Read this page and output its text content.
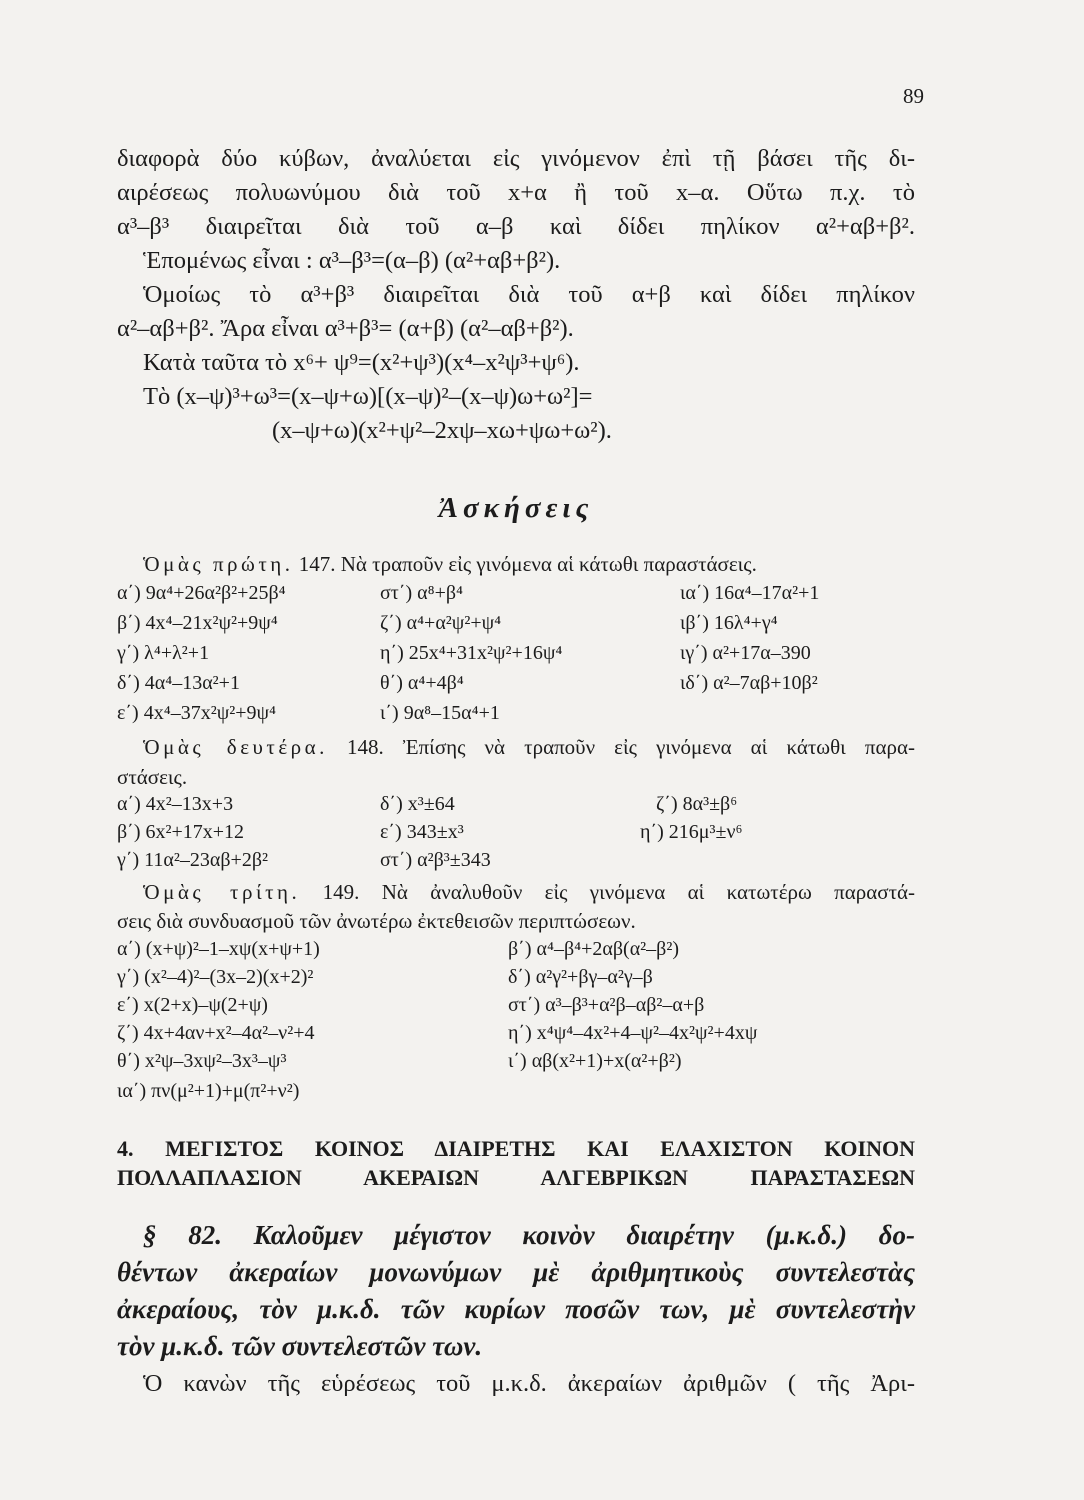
89
διαφορὰ δύο κύβων, ἀναλύεται εἰς γινόμενον ἐπὶ τῇ βάσει τῆς δι-
αιρέσεως πολυωνύμου διὰ τοῦ x+α ἢ τοῦ x–α. Οὕτω π.χ. τὸ
α³–β³ διαιρεῖται διὰ τοῦ α–β καὶ δίδει πηλίκον α²+αβ+β².
Ἑπομένως εἶναι : α³–β³=(α–β) (α²+αβ+β²).
Ὁμοίως τὸ α³+β³ διαιρεῖται διὰ τοῦ α+β καὶ δίδει πηλίκον
α²–αβ+β². Ἄρα εἶναι α³+β³= (α+β) (α²–αβ+β²).
Κατὰ ταῦτα τὸ x⁶+ ψ⁹=(x²+ψ³)(x⁴–x²ψ³+ψ⁶).
Τὸ (x–ψ)³+ω³=(x–ψ+ω)[(x–ψ)²–(x–ψ)ω+ω²]=
(x–ψ+ω)(x²+ψ²–2xψ–xω+ψω+ω²).
Ἀσκήσεις
Ὁμὰς πρώτη. 147. Νὰ τραποῦν εἰς γινόμενα αἱ κάτωθι παραστάσεις.
α΄) 9α⁴+26α²β²+25β⁴
β΄) 4x⁴–21x²ψ²+9ψ⁴
γ΄) λ⁴+λ²+1
δ΄) 4α⁴–13α²+1
ε΄) 4x⁴–37x²ψ²+9ψ⁴
στ΄) α⁸+β⁴
ζ΄) α⁴+α²ψ²+ψ⁴
η΄) 25x⁴+31x²ψ²+16ψ⁴
θ΄) α⁴+4β⁴
ι΄) 9α⁸–15α⁴+1
ια΄) 16α⁴–17α²+1
ιβ΄) 16λ⁴+γ⁴
ιγ΄) α²+17α–390
ιδ΄) α²–7αβ+10β²
Ὁμὰς δευτέρα. 148. Ἐπίσης νὰ τραποῦν εἰς γινόμενα αἱ κάτωθι παρα-
στάσεις.
α΄) 4x²–13x+3
β΄) 6x²+17x+12
γ΄) 11α²–23αβ+2β²
δ΄) x³±64
ε΄) 343±x³
στ΄) α²β³±343
ζ΄) 8α³±β⁶
η΄) 216μ³±ν⁶
Ὁμὰς τρίτη. 149. Νὰ ἀναλυθοῦν εἰς γινόμενα αἱ κατωτέρω παραστά-
σεις διὰ συνδυασμοῦ τῶν ἀνωτέρω ἐκτεθεισῶν περιπτώσεων.
α΄) (x+ψ)²–1–xψ(x+ψ+1)
γ΄) (x²–4)²–(3x–2)(x+2)²
ε΄) x(2+x)–ψ(2+ψ)
ζ΄) 4x+4αν+x²–4α²–ν²+4
θ΄) x²ψ–3xψ²–3x³–ψ³
ια΄) πν(μ²+1)+μ(π²+ν²)
β΄) α⁴–β⁴+2αβ(α²–β²)
δ΄) α²γ²+βγ–α²γ–β
στ΄) α³–β³+α²β–αβ²–α+β
η΄) x⁴ψ⁴–4x²+4–ψ²–4x²ψ²+4xψ
ι΄) αβ(x²+1)+x(α²+β²)
4. ΜΕΓΙΣΤΟΣ ΚΟΙΝΟΣ ΔΙΑΙΡΕΤΗΣ ΚΑΙ ΕΛΑΧΙΣΤΟΝ ΚΟΙΝΟΝ
ΠΟΛΛΑΠΛΑΣΙΟΝ ΑΚΕΡΑΙΩΝ ΑΛΓΕΒΡΙΚΩΝ ΠΑΡΑΣΤΑΣΕΩΝ
§ 82. Καλοῦμεν μέγιστον κοινὸν διαιρέτην (μ.κ.δ.) δο-
θέντων ἀκεραίων μονωνύμων μὲ ἀριθμητικοὺς συντελεστὰς
ἀκεραίους, τὸν μ.κ.δ. τῶν κυρίων ποσῶν των, μὲ συντελεστὴν
τὸν μ.κ.δ. τῶν συντελεστῶν των.
Ὁ κανὼν τῆς εὑρέσεως τοῦ μ.κ.δ. ἀκεραίων ἀριθμῶν ( τῆς Ἀρι-
